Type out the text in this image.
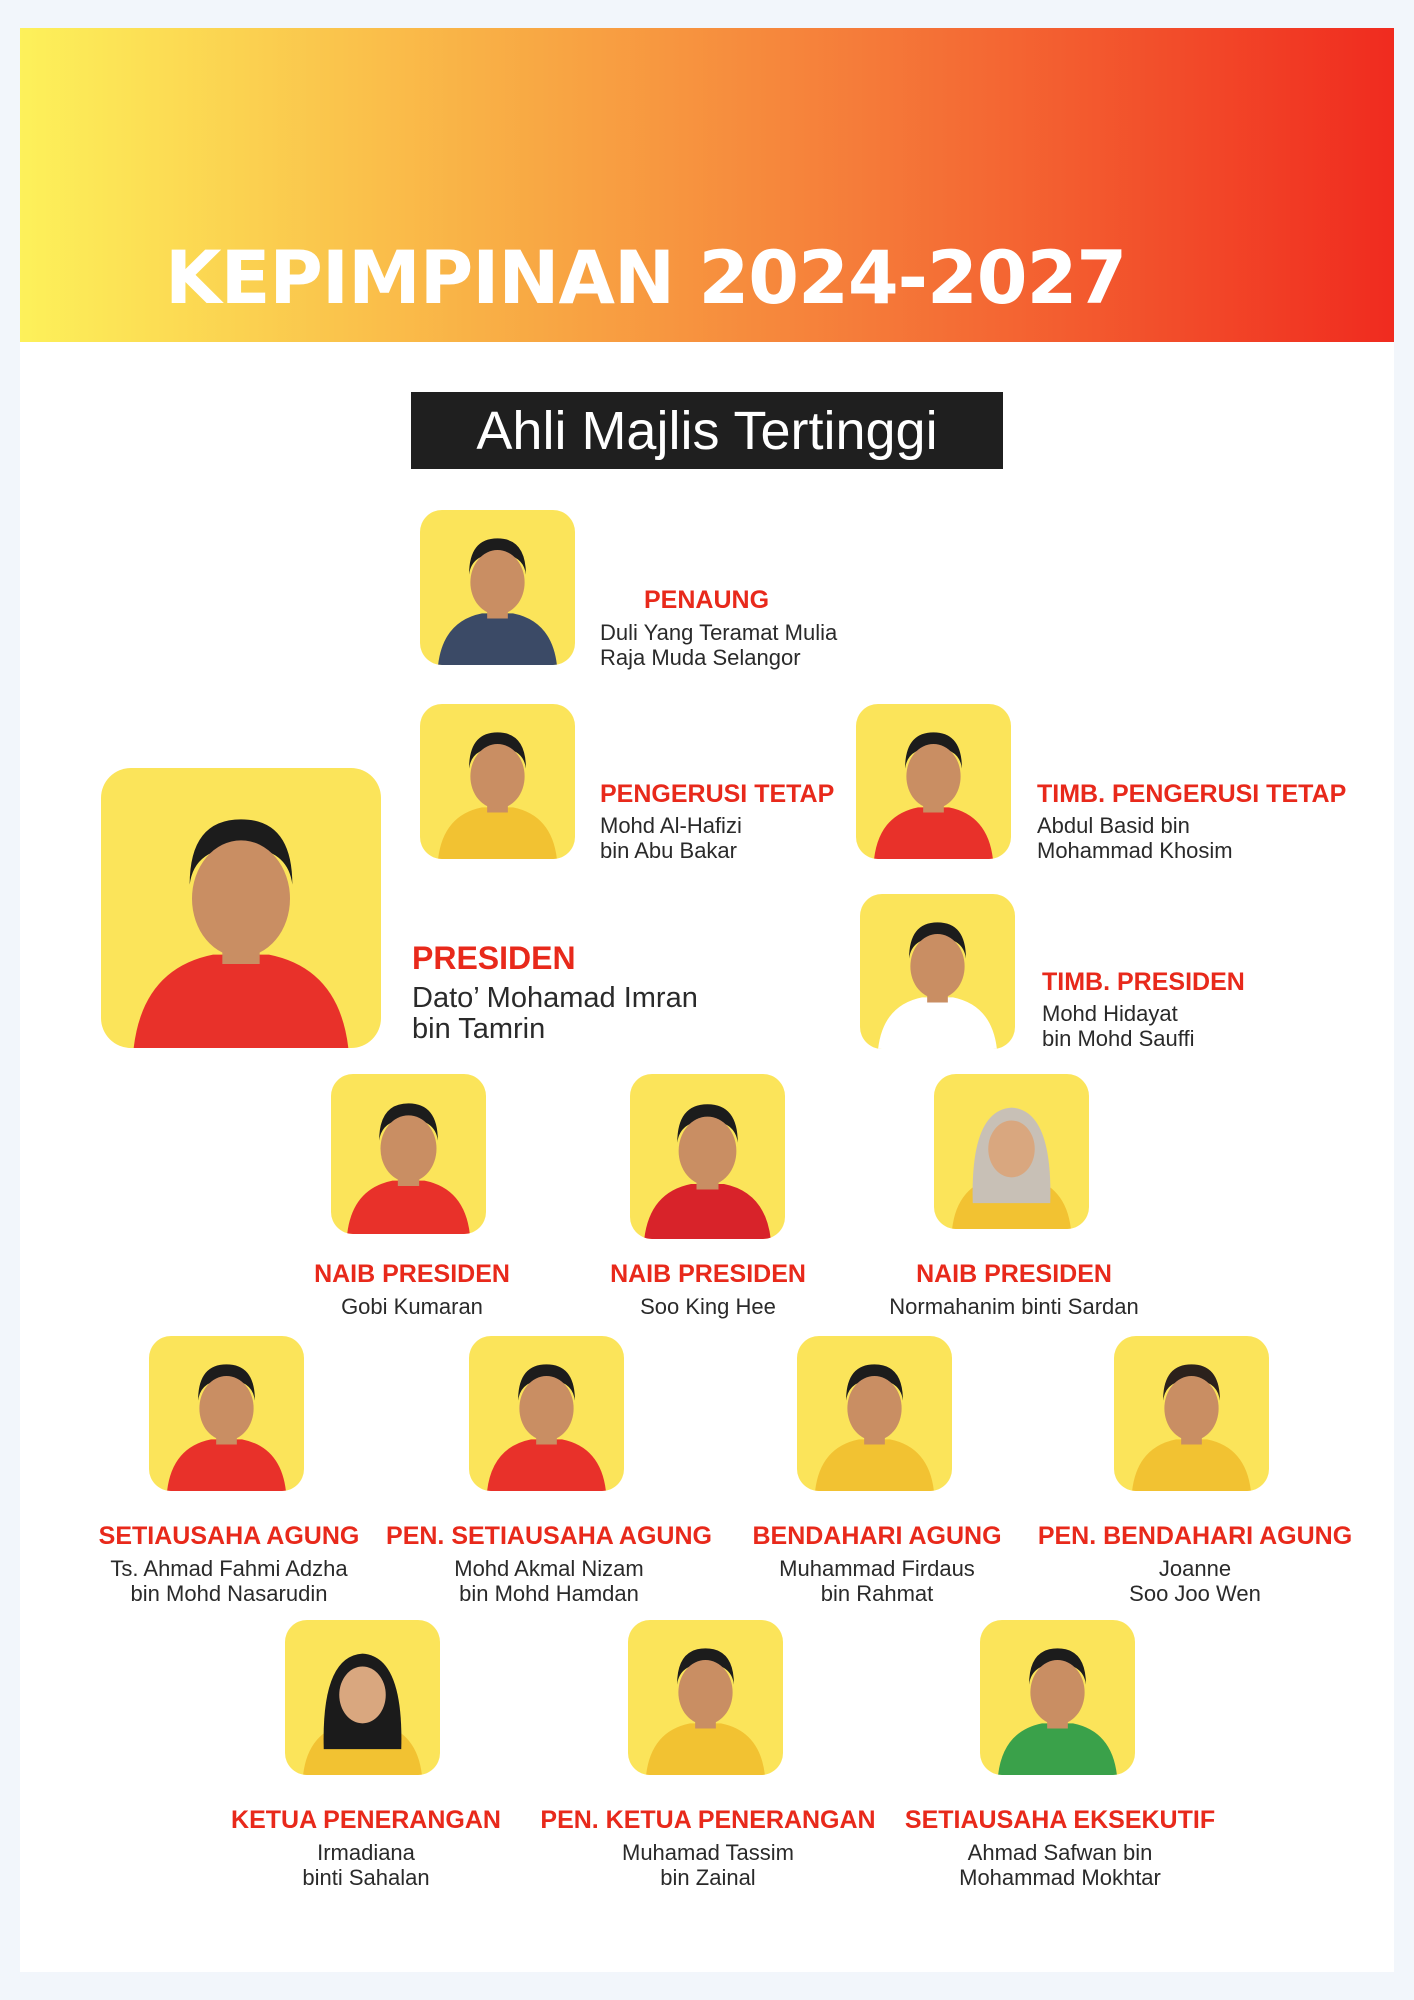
KEPIMPINAN 2024-2027
Ahli Majlis Tertinggi
PENAUNG
Duli Yang Teramat Mulia
Raja Muda Selangor
PENGERUSI TETAP
Mohd Al-Hafizi
bin Abu Bakar
TIMB. PENGERUSI TETAP
Abdul Basid bin
Mohammad Khosim
PRESIDEN
Dato’ Mohamad Imran
bin Tamrin
TIMB. PRESIDEN
Mohd Hidayat
bin Mohd Sauffi
NAIB PRESIDEN
Gobi Kumaran
NAIB PRESIDEN
Soo King Hee
NAIB PRESIDEN
Normahanim binti Sardan
SETIAUSAHA AGUNG
Ts. Ahmad Fahmi Adzha
bin Mohd Nasarudin
PEN. SETIAUSAHA AGUNG
Mohd Akmal Nizam
bin Mohd Hamdan
BENDAHARI AGUNG
Muhammad Firdaus
bin Rahmat
PEN. BENDAHARI AGUNG
Joanne
Soo Joo Wen
KETUA PENERANGAN
Irmadiana
binti Sahalan
PEN. KETUA PENERANGAN
Muhamad Tassim
bin Zainal
SETIAUSAHA EKSEKUTIF
Ahmad Safwan bin
Mohammad Mokhtar
